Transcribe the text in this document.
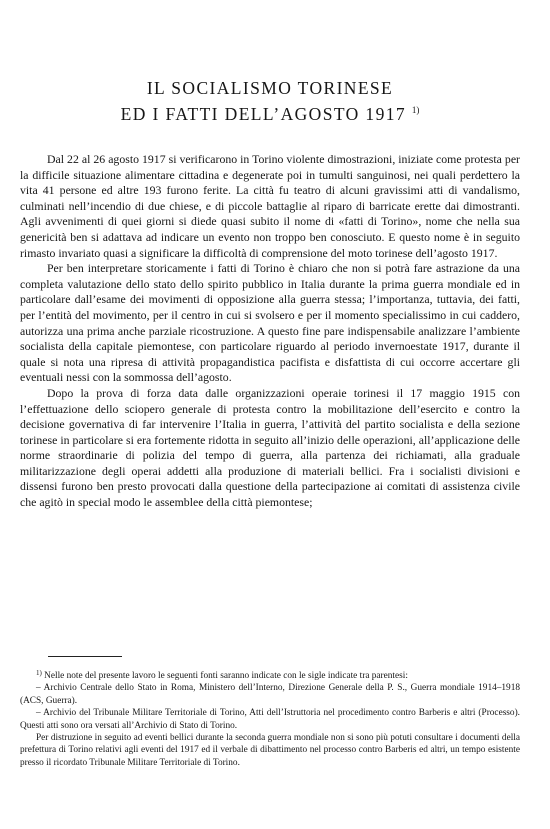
IL SOCIALISMO TORINESE
ED I FATTI DELL’AGOSTO 1917 $^{1)}$

Dal 22 al 26 agosto 1917 si verificarono in Torino violente dimostrazioni, iniziate come protesta per la difficile situazione alimentare cittadina e degenerate poi in tumulti sanguinosi, nei quali perdettero la vita 41 persone ed altre 193 furono ferite. La città fu teatro di alcuni gravissimi atti di vandalismo, culminati nell’incendio di due chiese, e di piccole battaglie al riparo di barricate erette dai dimostranti. Agli avvenimenti di quei giorni si diede quasi subito il nome di «fatti di Torino», nome che nella sua genericità ben si adattava ad indicare un evento non troppo ben conosciuto. E questo nome è in seguito rimasto invariato quasi a significare la difficoltà di comprensione del moto torinese dell’agosto 1917.

Per ben interpretare storicamente i fatti di Torino è chiaro che non si potrà fare astrazione da una completa valutazione dello stato dello spirito pubblico in Italia durante la prima guerra mondiale ed in particolare dall’esame dei movimenti di opposizione alla guerra stessa; l’importanza, tuttavia, dei fatti, per l’entità del movimento, per il centro in cui si svolsero e per il momento specialissimo in cui caddero, autorizza una prima anche parziale ricostruzione. A questo fine pare indispensabile analizzare l’ambiente socialista della capitale piemontese, con particolare riguardo al periodo invernoestate 1917, durante il quale si nota una ripresa di attività propagandistica pacifista e disfattista di cui occorre accertare gli eventuali nessi con la sommossa dell’agosto.

Dopo la prova di forza data dalle organizzazioni operaie torinesi il 17 maggio 1915 con l’effettuazione dello sciopero generale di protesta contro la mobilitazione dell’esercito e contro la decisione governativa di far intervenire l’Italia in guerra, l’attività del partito socialista e della sezione torinese in particolare si era fortemente ridotta in seguito all’inizio delle operazioni, all’applicazione delle norme straordinarie di polizia del tempo di guerra, alla partenza dei richiamati, alla graduale militarizzazione degli operai addetti alla produzione di materiali bellici. Fra i socialisti divisioni e dissensi furono ben presto provocati dalla questione della partecipazione ai comitati di assistenza civile che agitò in special modo le assemblee della città piemontese;

$^{1)}$ Nelle note del presente lavoro le seguenti fonti saranno indicate con le sigle indicate tra parentesi:

– Archivio Centrale dello Stato in Roma, Ministero dell’Interno, Direzione Generale della P. S., Guerra mondiale 1914–1918 (ACS, Guerra).

– Archivio del Tribunale Militare Territoriale di Torino, Atti dell’Istruttoria nel procedimento contro Barberis e altri (Processo). Questi atti sono ora versati all’Archivio di Stato di Torino.

Per distruzione in seguito ad eventi bellici durante la seconda guerra mondiale non si sono più potuti consultare i documenti della prefettura di Torino relativi agli eventi del 1917 ed il verbale di dibattimento nel processo contro Barberis ed altri, un tempo esistente presso il ricordato Tribunale Militare Territoriale di Torino.
